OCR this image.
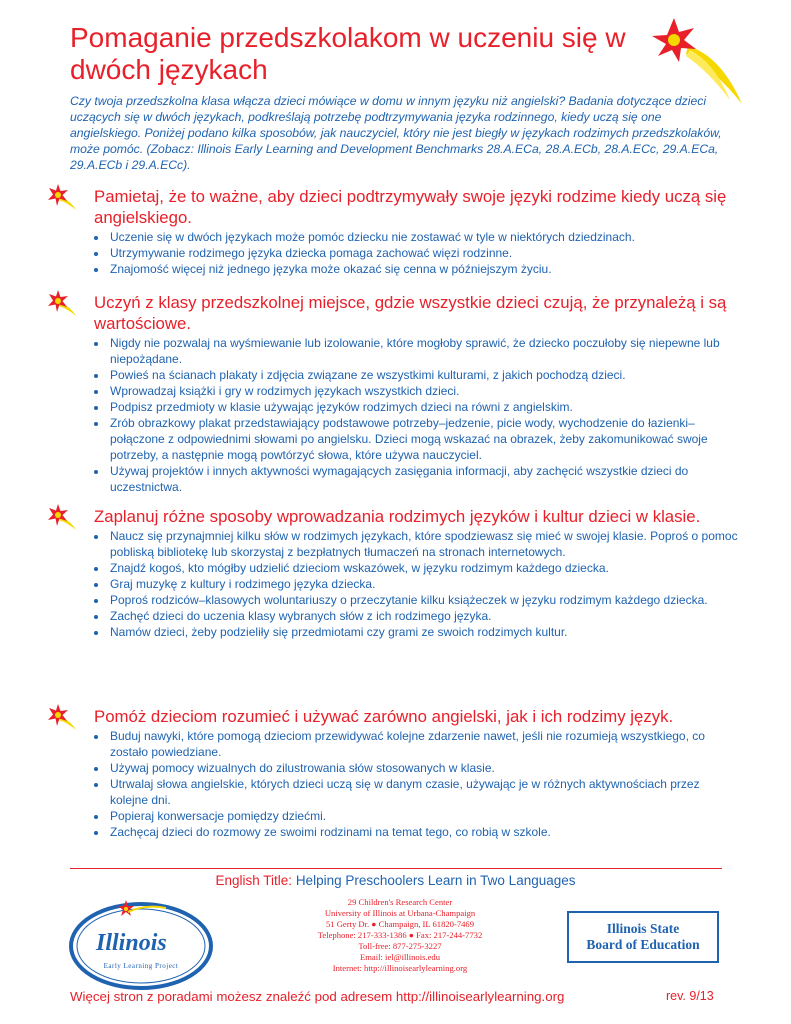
Pomaganie przedszkolakom w uczeniu się w dwóch językach
Czy twoja przedszkolna klasa włącza dzieci mówiące w domu w innym języku niż angielski? Badania dotyczące dzieci uczących się w dwóch językach, podkreślają potrzebę podtrzymywania języka rodzinnego, kiedy uczą się one angielskiego. Poniżej podano kilka sposobów, jak nauczyciel, który nie jest biegły w językach rodzimych przedszkolaków, może pomóc. (Zobacz: Illinois Early Learning and Development Benchmarks 28.A.ECa, 28.A.ECb, 28.A.ECc, 29.A.ECa, 29.A.ECb i 29.A.ECc).
Pamietaj, że to ważne, aby dzieci podtrzymywały swoje języki rodzime kiedy uczą się angielskiego.
• Uczenie się w dwóch językach może pomóc dziecku nie zostawać w tyle w niektórych dziedzinach.
• Utrzymywanie rodzimego języka dziecka pomaga zachować więzi rodzinne.
• Znajomość więcej niż jednego języka może okazać się cenna w późniejszym życiu.
Uczyń z klasy przedszkolnej miejsce, gdzie wszystkie dzieci czują, że przynależą i są wartościowe.
• Nigdy nie pozwalaj na wyśmiewanie lub izolowanie, które mogłoby sprawić, że dziecko poczułoby się niepewne lub niepożądane.
• Powieś na ścianach plakaty i zdjęcia związane ze wszystkimi kulturami, z jakich pochodzą dzieci.
• Wprowadzaj książki i gry w rodzimych językach wszystkich dzieci.
• Podpisz przedmioty w klasie używając języków rodzimych dzieci na równi z angielskim.
• Zrób obrazkowy plakat przedstawiający podstawowe potrzeby–jedzenie, picie wody, wychodzenie do łazienki–połączone z odpowiednimi słowami po angielsku. Dzieci mogą wskazać na obrazek, żeby zakomunikować swoje potrzeby, a następnie mogą powtórzyć słowa, które używa nauczyciel.
• Używaj projektów i innych aktywności wymagających zasięgania informacji, aby zachęcić wszystkie dzieci do uczestnictwa.
Zaplanuj różne sposoby wprowadzania rodzimych języków i kultur dzieci w klasie.
• Naucz się przynajmniej kilku słów w rodzimych językach, które spodziewasz się mieć w swojej klasie. Poproś o pomoc pobliską bibliotekę lub skorzystaj z bezpłatnych tłumaczeń na stronach internetowych.
• Znajdź kogoś, kto mógłby udzielić dzieciom wskazówek, w języku rodzimym każdego dziecka.
• Graj muzykę z kultury i rodzimego języka dziecka.
• Poproś rodziców–klasowych woluntariuszy o przeczytanie kilku książeczek w języku rodzimym każdego dziecka.
• Zachęć dzieci do uczenia klasy wybranych słów z ich rodzimego języka.
• Namów dzieci, żeby podzieliły się przedmiotami czy grami ze swoich rodzimych kultur.
Pomóż dzieciom rozumieć i używać zarówno angielski, jak i ich rodzimy język.
• Buduj nawyki, które pomogą dzieciom przewidywać kolejne zdarzenie nawet, jeśli nie rozumieją wszystkiego, co zostało powiedziane.
• Używaj pomocy wizualnych do zilustrowania słów stosowanych w klasie.
• Utrwalaj słowa angielskie, których dzieci uczą się w danym czasie, używając je w różnych aktywnościach przez kolejne dni.
• Popieraj konwersacje pomiędzy dziećmi.
• Zachęcaj dzieci do rozmowy ze swoimi rodzinami na temat tego, co robią w szkole.
English Title: Helping Preschoolers Learn in Two Languages
Illinois
Early Learning Project
29 Children's Research Center
University of Illinois at Urbana-Champaign
51 Gerty Dr. ● Champaign, IL 61820-7469
Telephone: 217-333-1386 ● Fax: 217-244-7732
Toll-free: 877-275-3227
Email: iel@illinois.edu
Internet: http://illinoisearlylearning.org
Illinois State
Board of Education
Więcej stron z poradami możesz znaleźć pod adresem http://illinoisearlylearning.org	rev. 9/13
